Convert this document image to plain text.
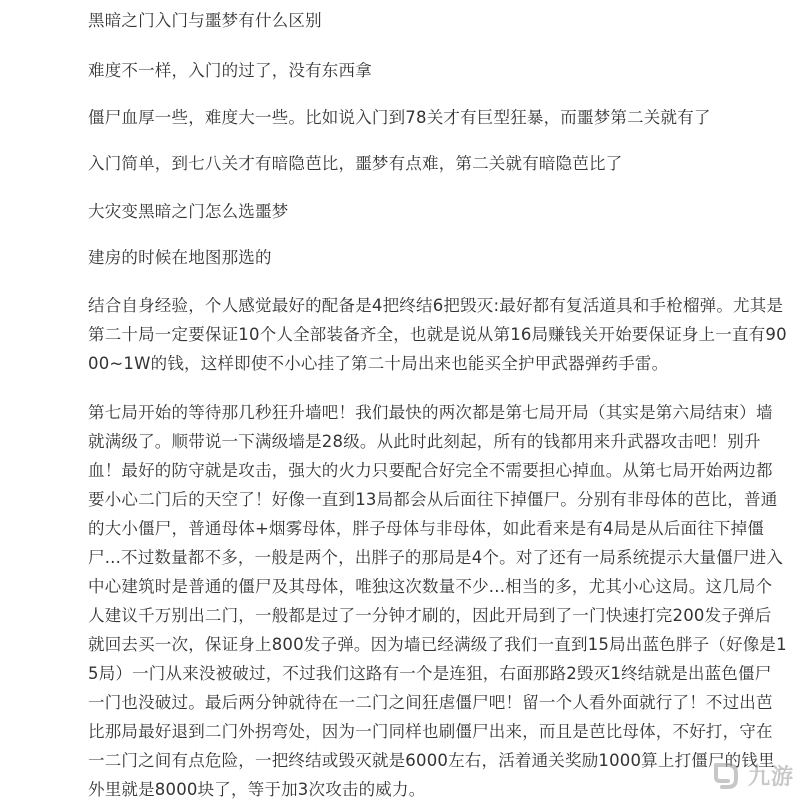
黑暗之门入门与噩梦有什么区别

难度不一样，入门的过了，没有东西拿

僵尸血厚一些，难度大一些。比如说入门到78关才有巨型狂暴，而噩梦第二关就有了

入门简单，到七八关才有暗隐芭比，噩梦有点难，第二关就有暗隐芭比了

大灾变黑暗之门怎么选噩梦

建房的时候在地图那选的

结合自身经验，个人感觉最好的配备是4把终结6把毁灭:最好都有复活道具和手枪榴弹。尤其是第二十局一定要保证10个人全部装备齐全，也就是说从第16局赚钱关开始要保证身上一直有9000~1W的钱，这样即使不小心挂了第二十局出来也能买全护甲武器弹药手雷。

第七局开始的等待那几秒狂升墙吧！我们最快的两次都是第七局开局（其实是第六局结束）墙就满级了。顺带说一下满级墙是28级。从此时此刻起，所有的钱都用来升武器攻击吧！别升血！最好的防守就是攻击，强大的火力只要配合好完全不需要担心掉血。从第七局开始两边都要小心二门后的天空了！好像一直到13局都会从后面往下掉僵尸。分别有非母体的芭比，普通的大小僵尸，普通母体+烟雾母体，胖子母体与非母体，如此看来是有4局是从后面往下掉僵尸...不过数量都不多，一般是两个，出胖子的那局是4个。对了还有一局系统提示大量僵尸进入中心建筑时是普通的僵尸及其母体，唯独这次数量不少...相当的多，尤其小心这局。这几局个人建议千万别出二门，一般都是过了一分钟才刷的，因此开局到了一门快速打完200发子弹后就回去买一次，保证身上800发子弹。因为墙已经满级了我们一直到15局出蓝色胖子（好像是15局）一门从来没被破过，不过我们这路有一个是连狙，右面那路2毁灭1终结就是出蓝色僵尸一门也没破过。最后两分钟就待在一二门之间狂虐僵尸吧！留一个人看外面就行了！不过出芭比那局最好退到二门外拐弯处，因为一门同样也刷僵尸出来，而且是芭比母体，不好打，守在一二门之间有点危险，一把终结或毁灭就是6000左右，活着通关奖励1000算上打僵尸的钱里外里就是8000块了，等于加3次攻击的威力。	九游
